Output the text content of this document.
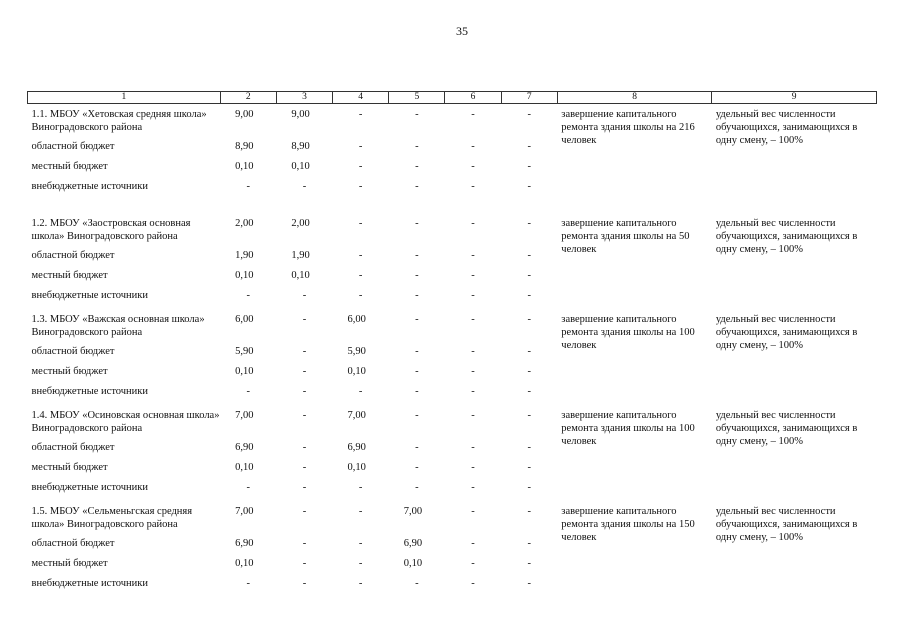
35
1	2	3	4	5	6	7	8	9
1.1. МБОУ «Хетовская средняя школа» Виноградовского района	9,00	9,00	-	-	-	-	завершение капитального ремонта здания школы на 216 человек	удельный вес численности обучающихся, занимающихся в одну смену, – 100%
областной бюджет	8,90	8,90	-	-	-	-		
местный бюджет	0,10	0,10	-	-	-	-		
внебюджетные источники	-	-	-	-	-	-		

1.2. МБОУ «Заостровская основная школа» Виноградовского района	2,00	2,00	-	-	-	-	завершение капитального ремонта здания школы на 50 человек	удельный вес численности обучающихся, занимающихся в одну смену, – 100%
областной бюджет	1,90	1,90	-	-	-	-		
местный бюджет	0,10	0,10	-	-	-	-		
внебюджетные источники	-	-	-	-	-	-		
1.3. МБОУ «Важская основная школа» Виноградовского района	6,00	-	6,00	-	-	-	завершение капитального ремонта здания школы на 100 человек	удельный вес численности обучающихся, занимающихся в одну смену, – 100%
областной бюджет	5,90	-	5,90	-	-	-		
местный бюджет	0,10	-	0,10	-	-	-		
внебюджетные источники	-	-	-	-	-	-		
1.4. МБОУ «Осиновская основная школа» Виноградовского района	7,00	-	7,00	-	-	-	завершение капитального ремонта здания школы на 100 человек	удельный вес численности обучающихся, занимающихся в одну смену, – 100%
областной бюджет	6,90	-	6,90	-	-	-		
местный бюджет	0,10	-	0,10	-	-	-		
внебюджетные источники	-	-	-	-	-	-		
1.5. МБОУ «Сельменьгская средняя школа» Виноградовского района	7,00	-	-	7,00	-	-	завершение капитального ремонта здания школы на 150 человек	удельный вес численности обучающихся, занимающихся в одну смену, – 100%
областной бюджет	6,90	-	-	6,90	-	-		
местный бюджет	0,10	-	-	0,10	-	-		
внебюджетные источники	-	-	-	-	-	-		
